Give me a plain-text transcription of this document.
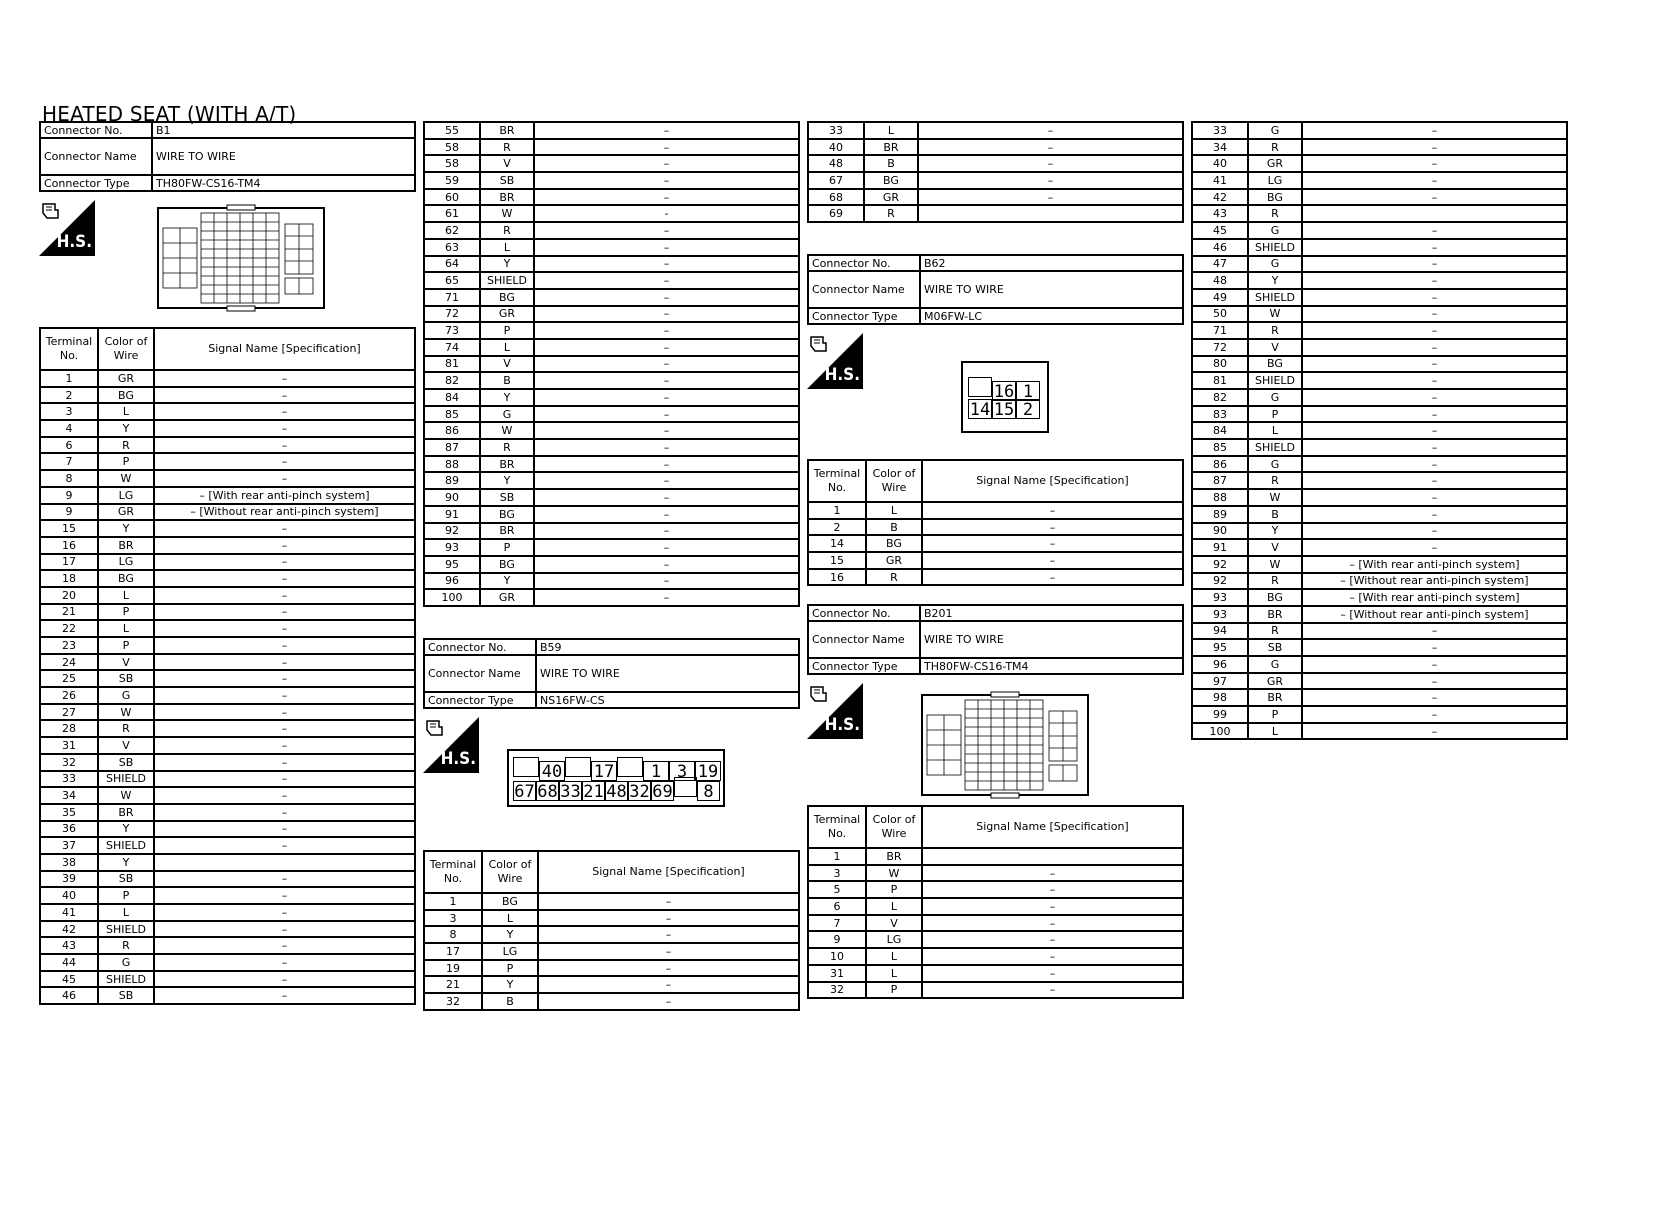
HEATED SEAT (WITH A/T)
Connector No.	B1
Connector Name	WIRE TO WIRE
Connector Type	TH80FW-CS16-TM4
H.S.
Terminal No.	Color of Wire	Signal Name [Specification]
1	GR	–
2	BG	–
3	L	–
4	Y	–
6	R	–
7	P	–
8	W	–
9	LG	– [With rear anti-pinch system]
9	GR	– [Without rear anti-pinch system]
15	Y	–
16	BR	–
17	LG	–
18	BG	–
20	L	–
21	P	–
22	L	–
23	P	–
24	V	–
25	SB	–
26	G	–
27	W	–
28	R	–
31	V	–
32	SB	–
33	SHIELD	–
34	W	–
35	BR	–
36	Y	–
37	SHIELD	–
38	Y	
39	SB	–
40	P	–
41	L	–
42	SHIELD	–
43	R	–
44	G	–
45	SHIELD	–
46	SB	–
55	BR	–
58	R	–
58	V	–
59	SB	–
60	BR	–
61	W	-
62	R	–
63	L	–
64	Y	–
65	SHIELD	–
71	BG	–
72	GR	–
73	P	–
74	L	–
81	V	–
82	B	–
84	Y	–
85	G	–
86	W	–
87	R	–
88	BR	–
89	Y	–
90	SB	–
91	BG	–
92	BR	–
93	P	–
95	BG	–
96	Y	–
100	GR	–
Connector No.	B59
Connector Name	WIRE TO WIRE
Connector Type	NS16FW-CS
H.S.
40 17 1 3 19
67 68 33 21 48 32 69 8
Terminal No.	Color of Wire	Signal Name [Specification]
1	BG	–
3	L	–
8	Y	–
17	LG	–
19	P	–
21	Y	–
32	B	–
33	L	–
40	BR	–
48	B	–
67	BG	–
68	GR	–
69	R	
Connector No.	B62
Connector Name	WIRE TO WIRE
Connector Type	M06FW-LC
H.S.
16 1
14 15 2
Terminal No.	Color of Wire	Signal Name [Specification]
1	L	–
2	B	–
14	BG	–
15	GR	–
16	R	–
Connector No.	B201
Connector Name	WIRE TO WIRE
Connector Type	TH80FW-CS16-TM4
H.S.
Terminal No.	Color of Wire	Signal Name [Specification]
1	BR	
3	W	–
5	P	–
6	L	–
7	V	–
9	LG	–
10	L	–
31	L	–
32	P	–
33	G	–
34	R	–
40	GR	–
41	LG	–
42	BG	–
43	R	
45	G	–
46	SHIELD	–
47	G	–
48	Y	–
49	SHIELD	–
50	W	–
71	R	–
72	V	–
80	BG	–
81	SHIELD	–
82	G	–
83	P	–
84	L	–
85	SHIELD	–
86	G	–
87	R	–
88	W	–
89	B	–
90	Y	–
91	V	–
92	W	– [With rear anti-pinch system]
92	R	– [Without rear anti-pinch system]
93	BG	– [With rear anti-pinch system]
93	BR	– [Without rear anti-pinch system]
94	R	–
95	SB	–
96	G	–
97	GR	–
98	BR	–
99	P	–
100	L	–
